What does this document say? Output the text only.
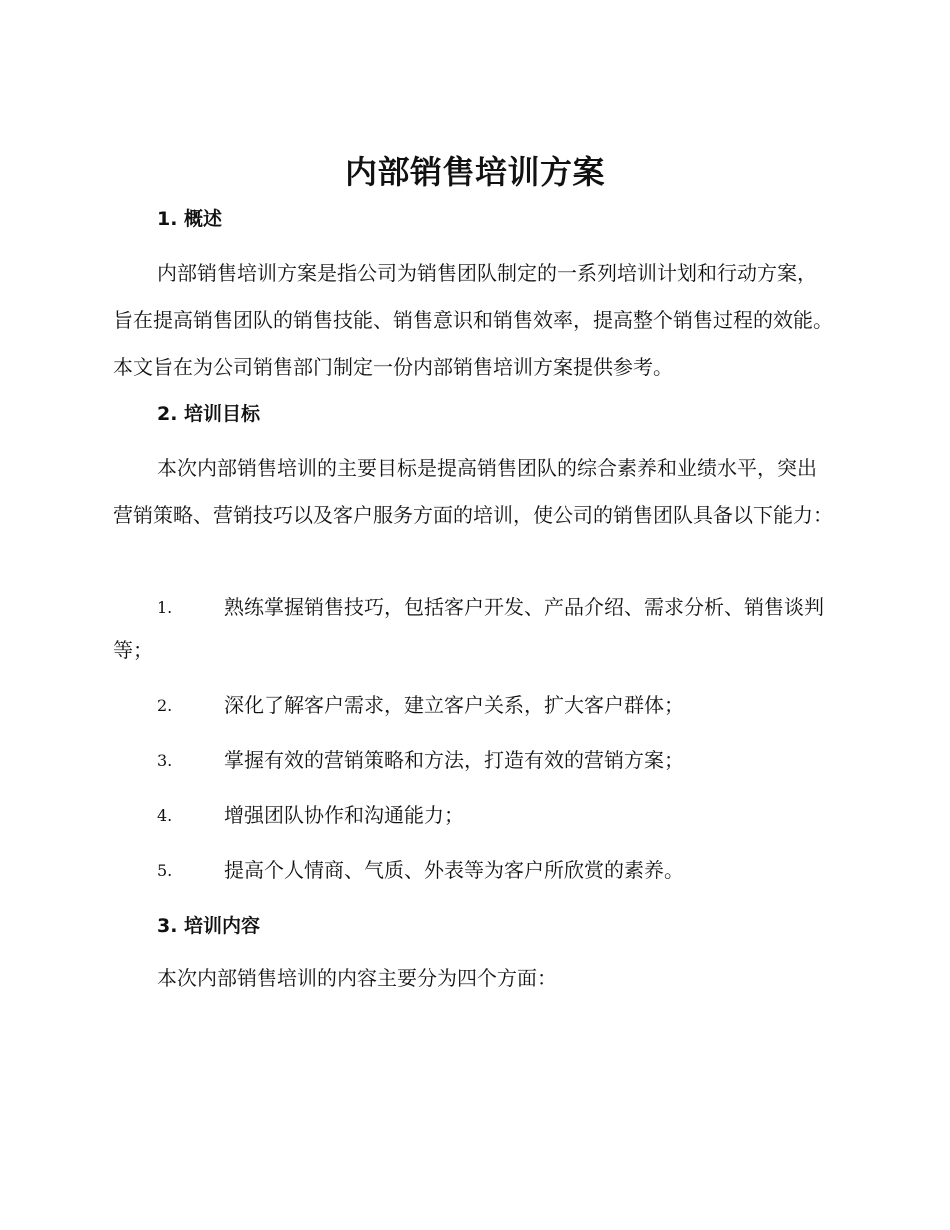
内部销售培训方案
1. 概述

内部销售培训方案是指公司为销售团队制定的一系列培训计划和行动方案，旨在提高销售团队的销售技能、销售意识和销售效率，提高整个销售过程的效能。本文旨在为公司销售部门制定一份内部销售培训方案提供参考。

2. 培训目标

本次内部销售培训的主要目标是提高销售团队的综合素养和业绩水平，突出营销策略、营销技巧以及客户服务方面的培训，使公司的销售团队具备以下能力：

1.	熟练掌握销售技巧，包括客户开发、产品介绍、需求分析、销售谈判等；
2.	深化了解客户需求，建立客户关系，扩大客户群体；
3.	掌握有效的营销策略和方法，打造有效的营销方案；
4.	增强团队协作和沟通能力；
5.	提高个人情商、气质、外表等为客户所欣赏的素养。
3. 培训内容

本次内部销售培训的内容主要分为四个方面：
